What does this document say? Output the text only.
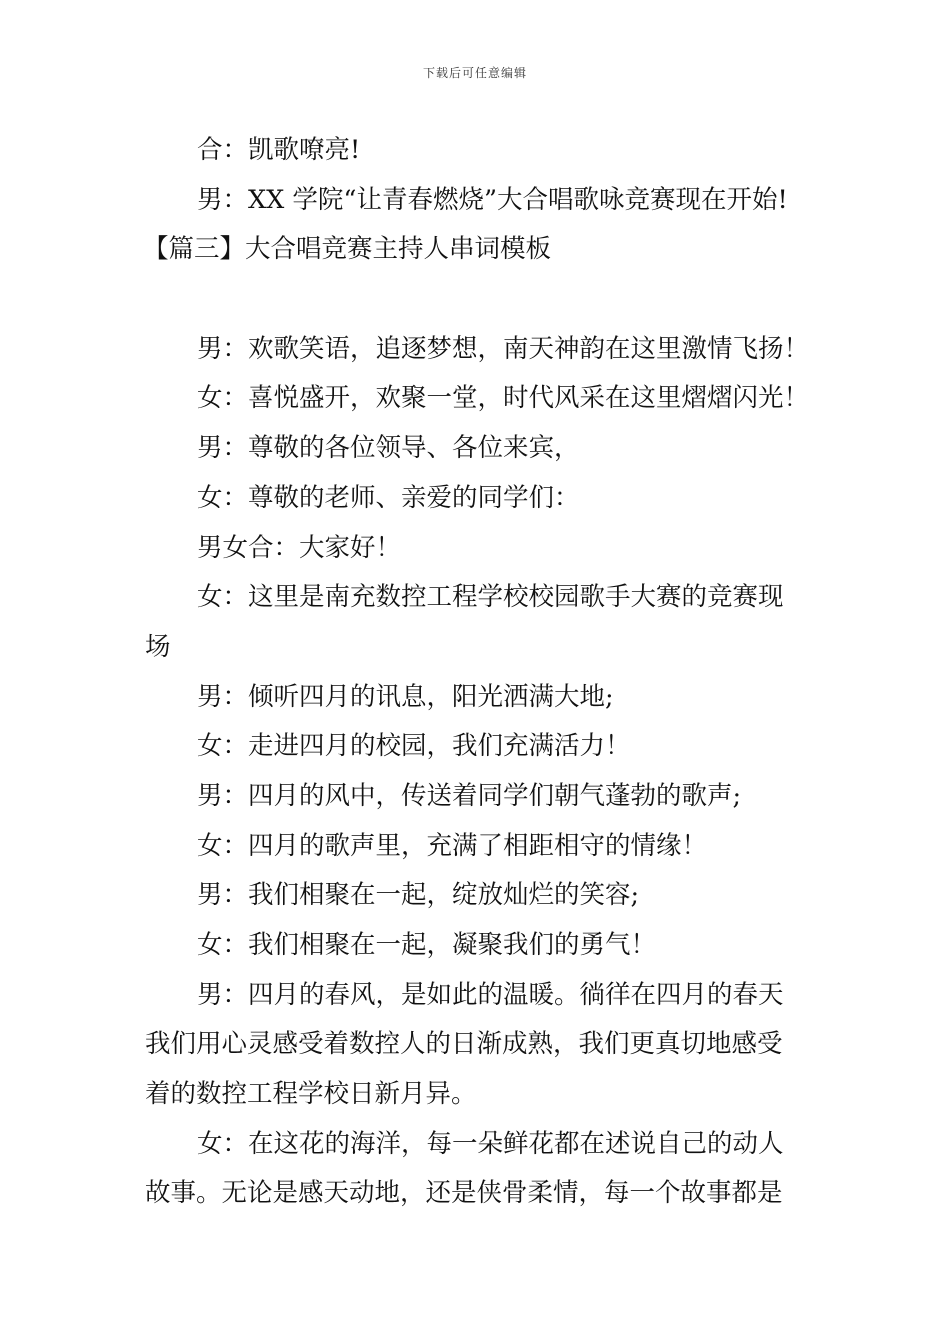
下载后可任意编辑
合：凯歌嘹亮!
男：XX 学院“让青春燃烧”大合唱歌咏竞赛现在开始!
【篇三】大合唱竞赛主持人串词模板
男：欢歌笑语，追逐梦想，南天神韵在这里激情飞扬！
女：喜悦盛开，欢聚一堂，时代风采在这里熠熠闪光！
男：尊敬的各位领导、各位来宾，
女：尊敬的老师、亲爱的同学们：
男女合：大家好！
女：这里是南充数控工程学校校园歌手大赛的竞赛现
场
男：倾听四月的讯息，阳光洒满大地;
女：走进四月的校园，我们充满活力！
男：四月的风中，传送着同学们朝气蓬勃的歌声;
女：四月的歌声里，充满了相距相守的情缘！
男：我们相聚在一起，绽放灿烂的笑容;
女：我们相聚在一起，凝聚我们的勇气！
男：四月的春风，是如此的温暖。徜徉在四月的春天
我们用心灵感受着数控人的日渐成熟，我们更真切地感受
着的数控工程学校日新月异。
女：在这花的海洋，每一朵鲜花都在述说自己的动人
故事。无论是感天动地，还是侠骨柔情，每一个故事都是
